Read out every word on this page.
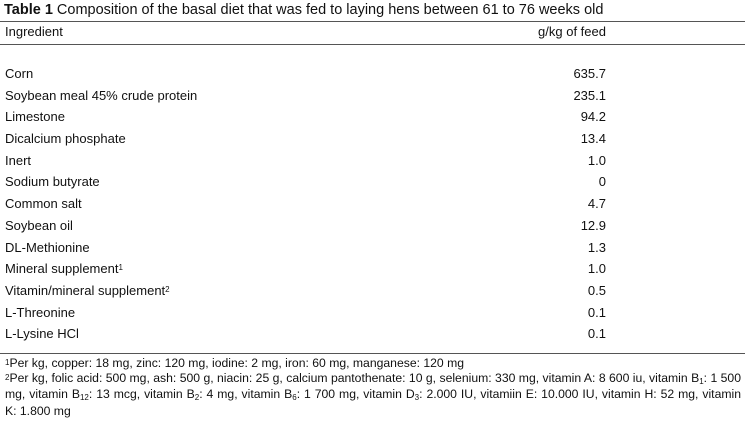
Table 1 Composition of the basal diet that was fed to laying hens between 61 to 76 weeks old
Ingredient	g/kg of feed
Corn	635.7
Soybean meal 45% crude protein	235.1
Limestone	94.2
Dicalcium phosphate	13.4
Inert	1.0
Sodium butyrate	0
Common salt	4.7
Soybean oil	12.9
DL-Methionine	1.3
Mineral supplement$^1$	1.0
Vitamin/mineral supplement$^2$	0.5
L-Threonine	0.1
L-Lysine HCl	0.1

$^1$Per kg, copper: 18 mg, zinc: 120 mg, iodine: 2 mg, iron: 60 mg, manganese: 120 mg

$^2$Per kg, folic acid: 500 mg, ash: 500 g, niacin: 25 g, calcium pantothenate: 10 g, selenium: 330 mg, vitamin A: 8 600 iu, vitamin B1: 1 500 mg, vitamin B12: 13 mcg, vitamin B2: 4 mg, vitamin B6: 1 700 mg, vitamin D3: 2.000 IU, vitamiin E: 10.000 IU, vitamin H: 52 mg, vitamin K: 1.800 mg
